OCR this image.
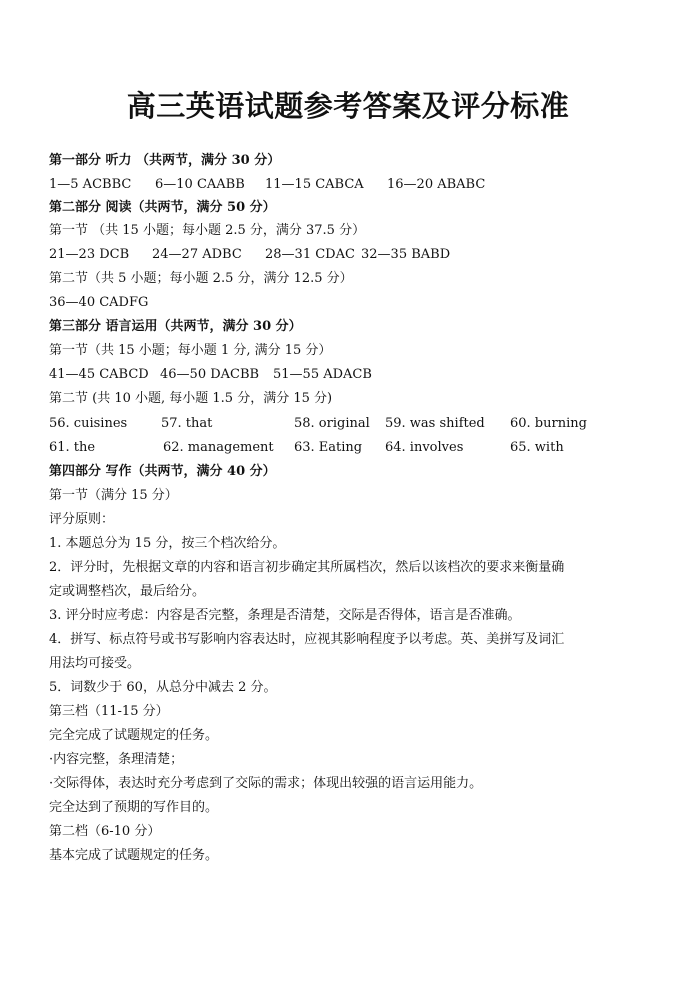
高三英语试题参考答案及评分标准
第一部分 听力 （共两节，满分 30 分）
1—5 ACBBC 6—10 CAABB 11—15 CABCA 16—20 ABABC
第二部分 阅读（共两节，满分 50 分）
第一节 （共 15 小题；每小题 2.5 分，满分 37.5 分）
21—23 DCB 24—27 ADBC 28—31 CDAC 32—35 BABD
第二节（共 5 小题；每小题 2.5 分，满分 12.5 分）
36—40 CADFG
第三部分 语言运用（共两节，满分 30 分）
第一节（共 15 小题；每小题 1 分, 满分 15 分）
41—45 CABCD 46—50 DACBB 51—55 ADACB
第二节 (共 10 小题, 每小题 1.5 分，满分 15 分)
56. cuisines	57. that	58. original 59. was shifted 60. burning
61. the	62. management 63. Eating 64. involves	65. with
第四部分 写作（共两节，满分 40 分）
第一节（满分 15 分）
评分原则：
1. 本题总分为 15 分，按三个档次给分。
2．评分时，先根据文章的内容和语言初步确定其所属档次，然后以该档次的要求来衡量确
定或调整档次，最后给分。
3. 评分时应考虑：内容是否完整，条理是否清楚，交际是否得体，语言是否准确。
4．拼写、标点符号或书写影响内容表达时，应视其影响程度予以考虑。英、美拼写及词汇
用法均可接受。
5．词数少于 60，从总分中减去 2 分。
第三档（11-15 分）
完全完成了试题规定的任务。
·内容完整，条理清楚；
·交际得体，表达时充分考虑到了交际的需求；体现出较强的语言运用能力。
完全达到了预期的写作目的。
第二档（6-10 分）
基本完成了试题规定的任务。
